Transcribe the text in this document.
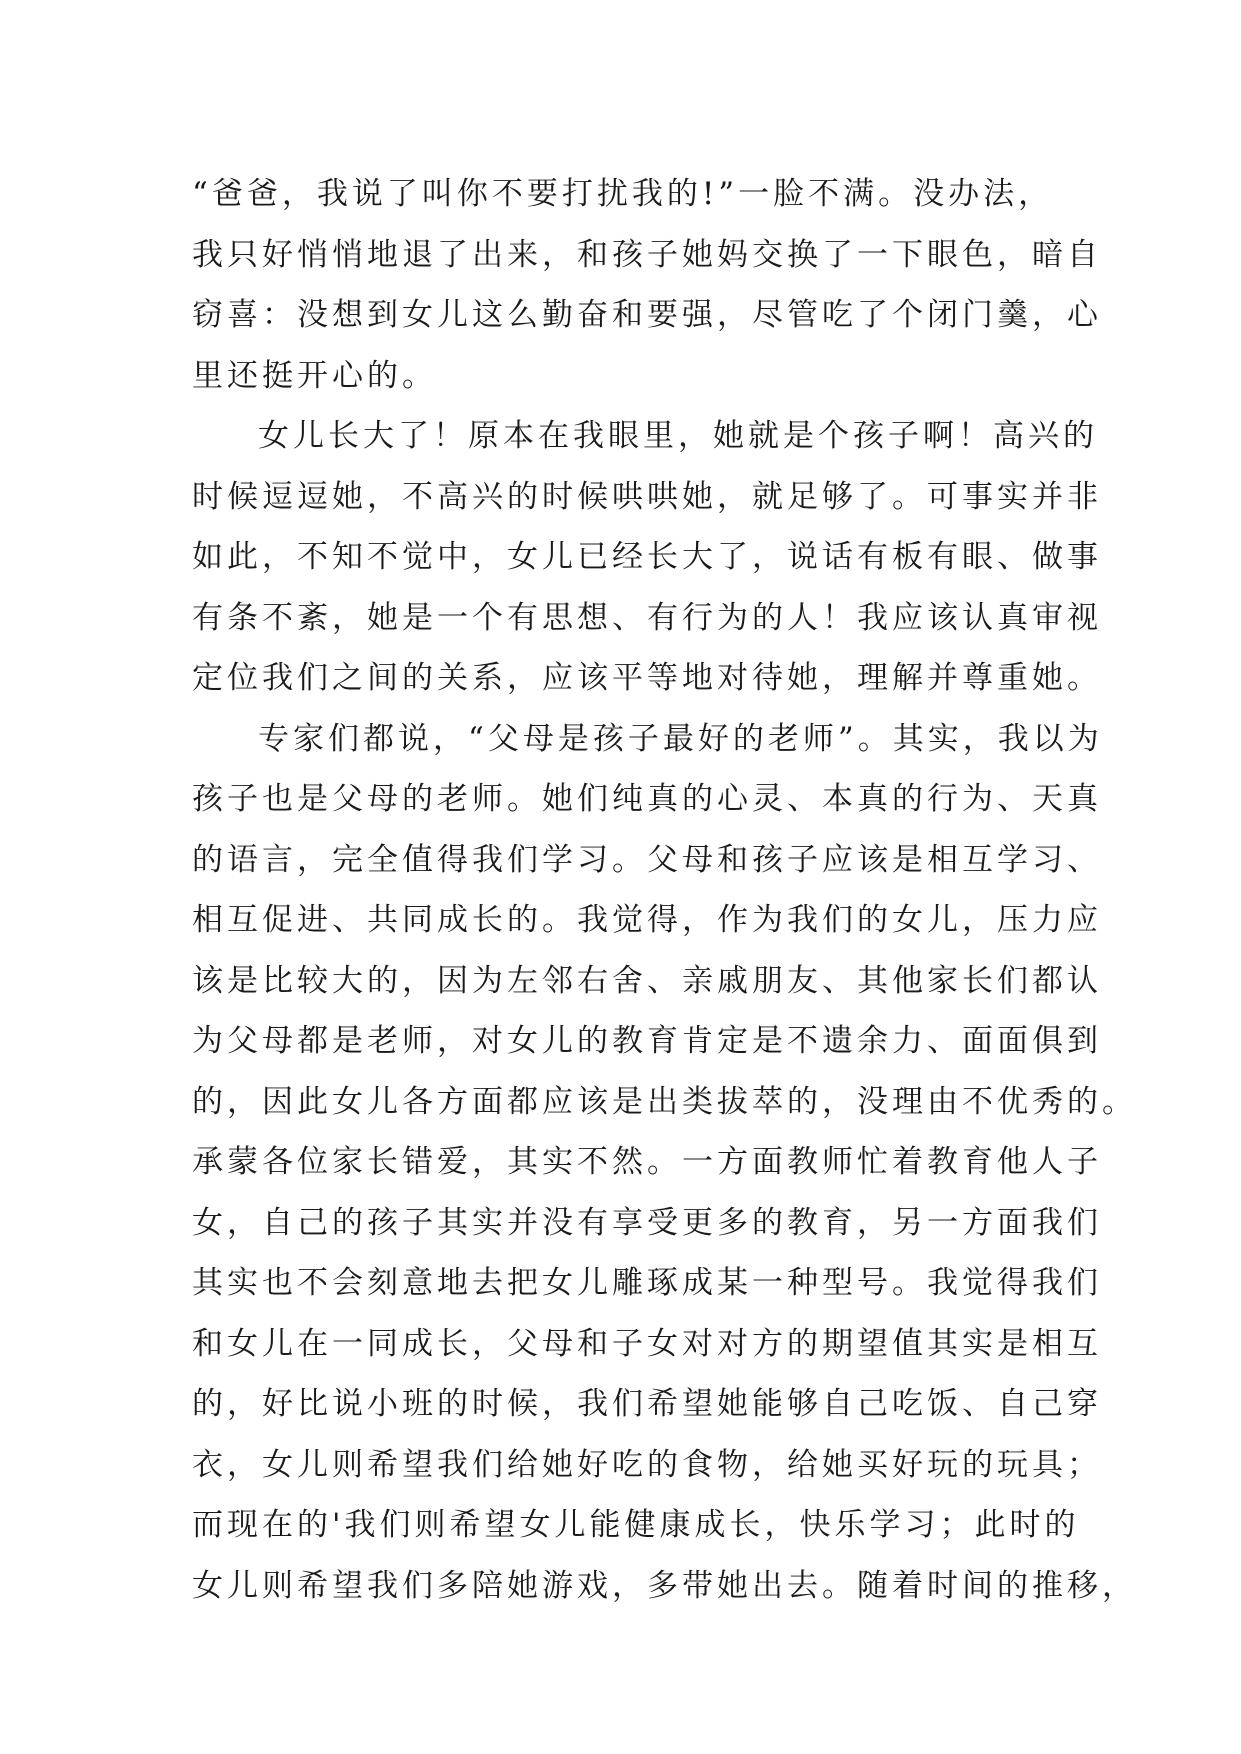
“爸爸，我说了叫你不要打扰我的!”一脸不满。没办法，
我只好悄悄地退了出来，和孩子她妈交换了一下眼色，暗自
窃喜：没想到女儿这么勤奋和要强，尽管吃了个闭门羹，心
里还挺开心的。
女儿长大了！原本在我眼里，她就是个孩子啊！高兴的
时候逗逗她，不高兴的时候哄哄她，就足够了。可事实并非
如此，不知不觉中，女儿已经长大了，说话有板有眼、做事
有条不紊，她是一个有思想、有行为的人！我应该认真审视
定位我们之间的关系，应该平等地对待她，理解并尊重她。
专家们都说，“父母是孩子最好的老师”。其实，我以为
孩子也是父母的老师。她们纯真的心灵、本真的行为、天真
的语言，完全值得我们学习。父母和孩子应该是相互学习、
相互促进、共同成长的。我觉得，作为我们的女儿，压力应
该是比较大的，因为左邻右舍、亲戚朋友、其他家长们都认
为父母都是老师，对女儿的教育肯定是不遗余力、面面俱到
的，因此女儿各方面都应该是出类拔萃的，没理由不优秀的。
承蒙各位家长错爱，其实不然。一方面教师忙着教育他人子
女，自己的孩子其实并没有享受更多的教育，另一方面我们
其实也不会刻意地去把女儿雕琢成某一种型号。我觉得我们
和女儿在一同成长，父母和子女对对方的期望值其实是相互
的，好比说小班的时候，我们希望她能够自己吃饭、自己穿
衣，女儿则希望我们给她好吃的食物，给她买好玩的玩具；
而现在的'我们则希望女儿能健康成长，快乐学习；此时的
女儿则希望我们多陪她游戏，多带她出去。随着时间的推移，
